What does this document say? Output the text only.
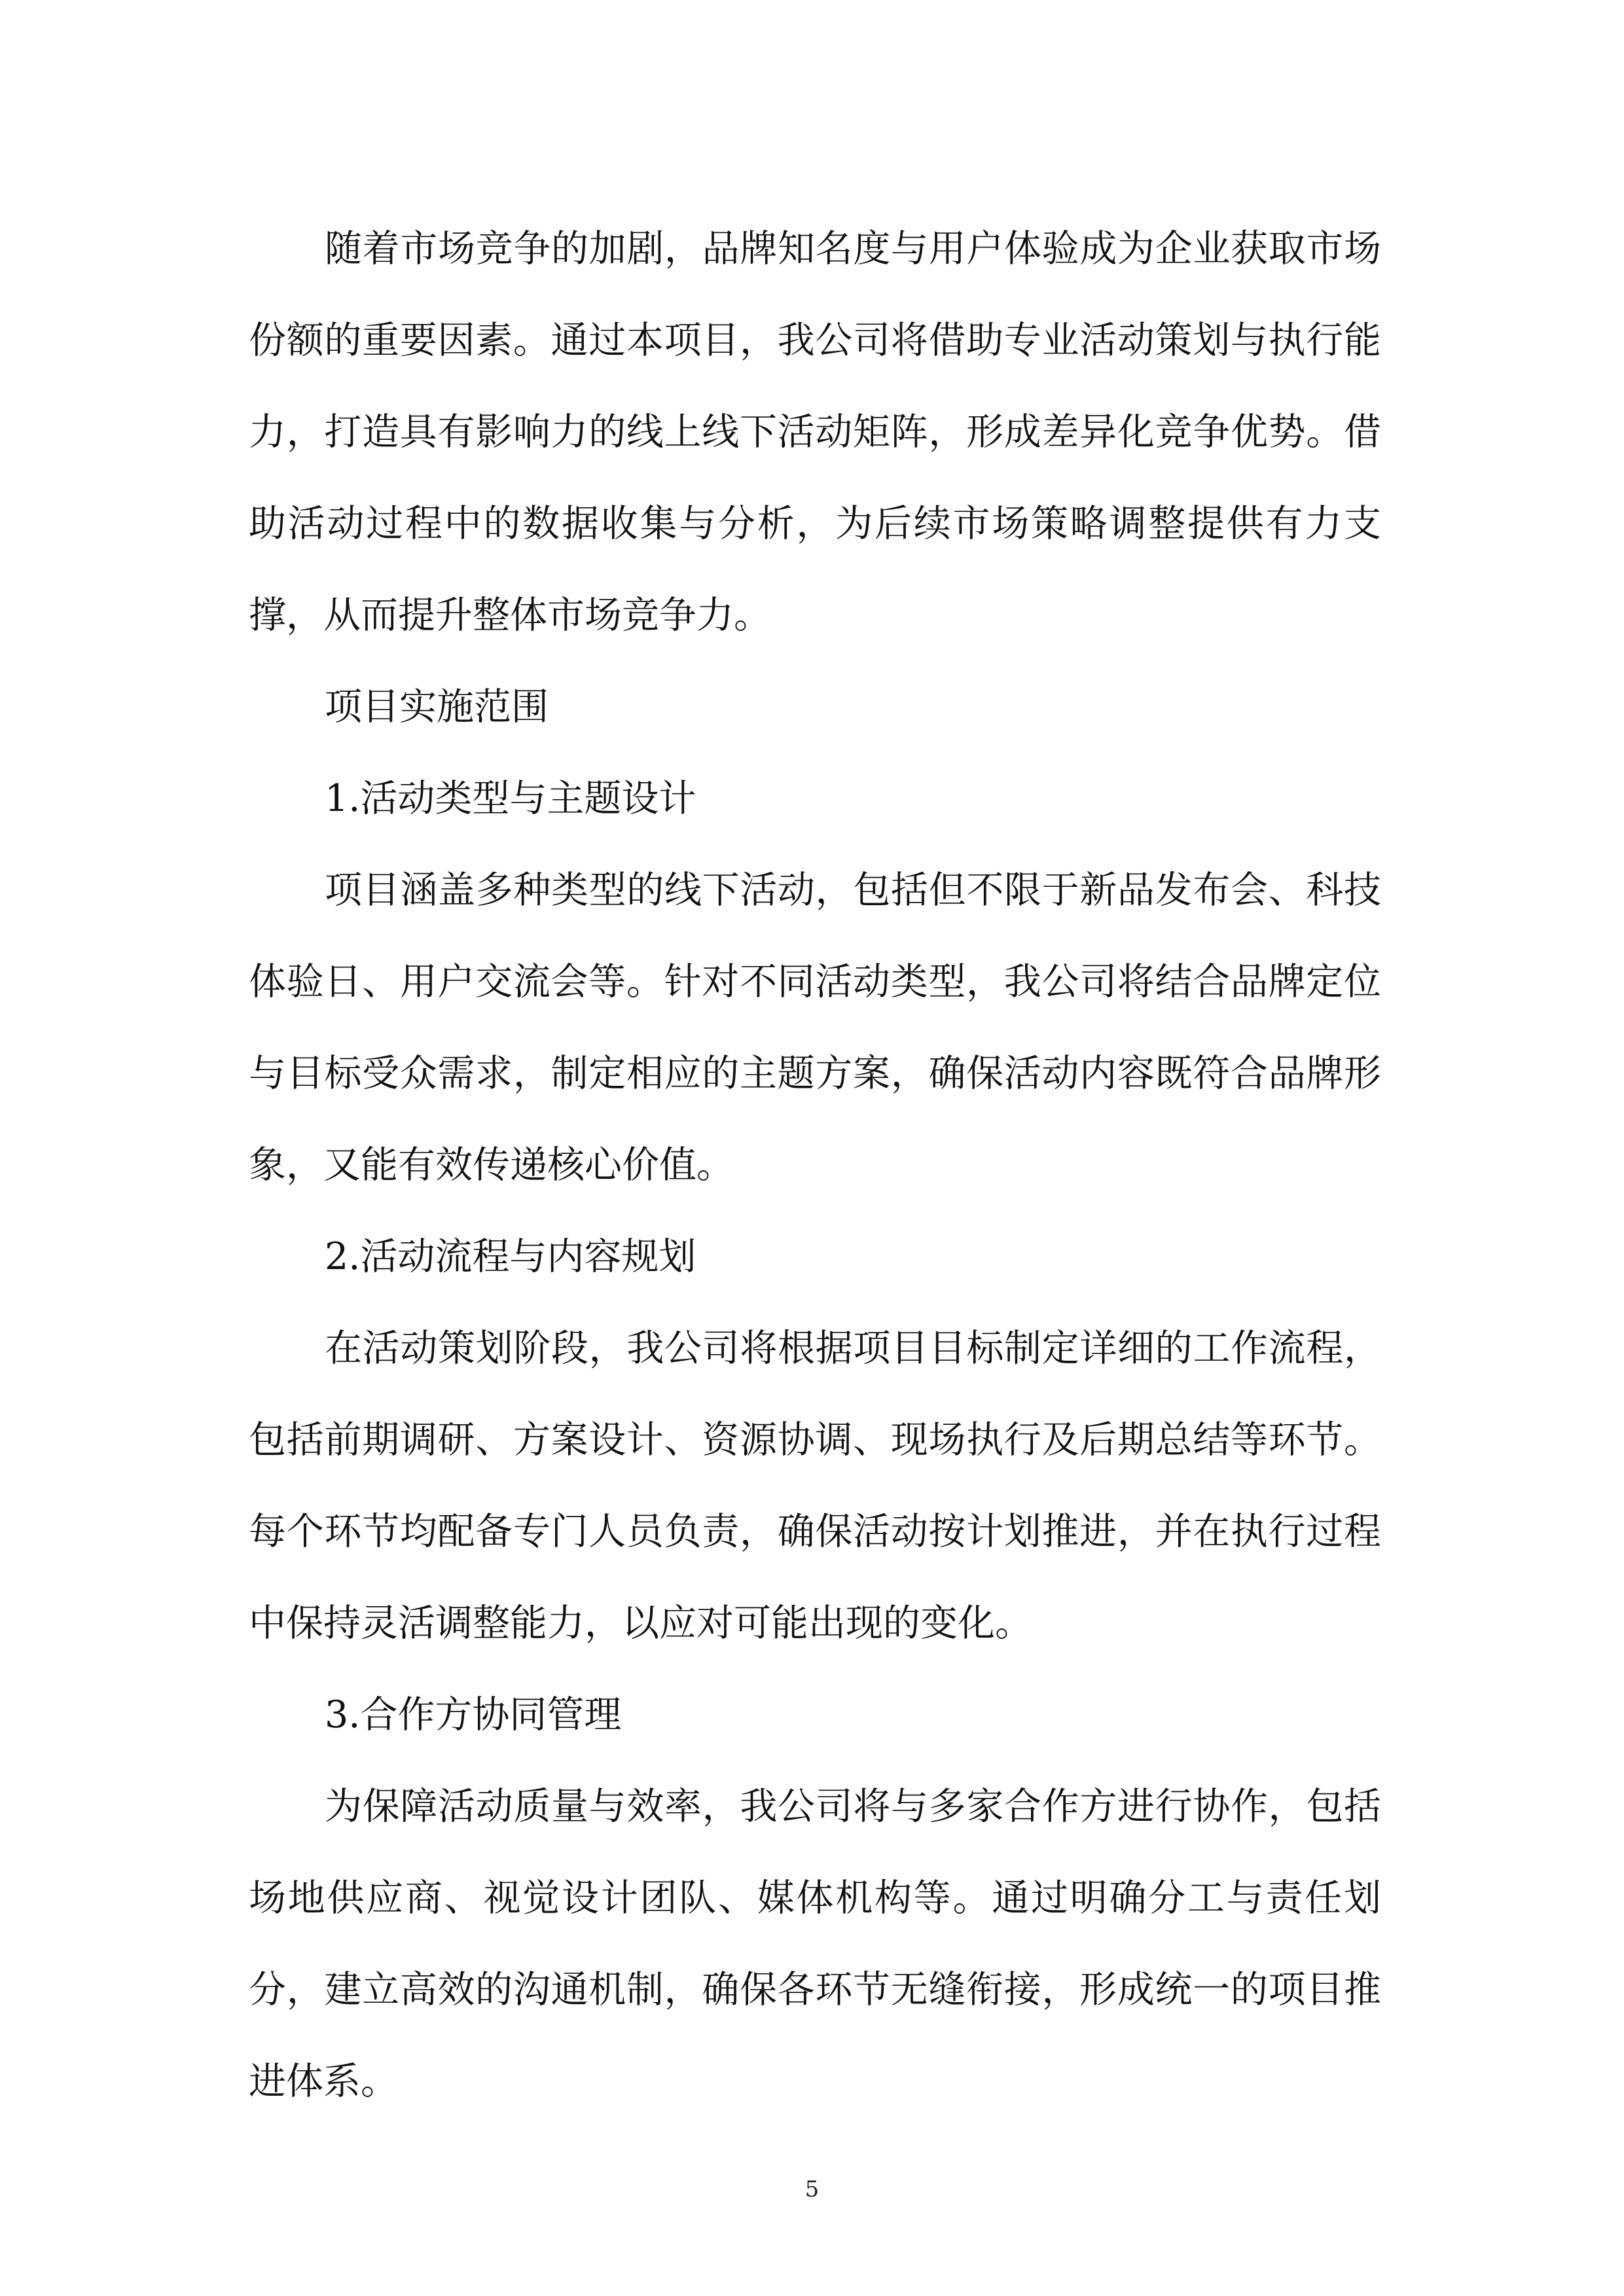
随着市场竞争的加剧，品牌知名度与用户体验成为企业获取市场份额的重要因素。通过本项目，我公司将借助专业活动策划与执行能力，打造具有影响力的线上线下活动矩阵，形成差异化竞争优势。借助活动过程中的数据收集与分析，为后续市场策略调整提供有力支撑，从而提升整体市场竞争力。

项目实施范围

1.活动类型与主题设计

项目涵盖多种类型的线下活动，包括但不限于新品发布会、科技体验日、用户交流会等。针对不同活动类型，我公司将结合品牌定位与目标受众需求，制定相应的主题方案，确保活动内容既符合品牌形象，又能有效传递核心价值。

2.活动流程与内容规划

在活动策划阶段，我公司将根据项目目标制定详细的工作流程，包括前期调研、方案设计、资源协调、现场执行及后期总结等环节。每个环节均配备专门人员负责，确保活动按计划推进，并在执行过程中保持灵活调整能力，以应对可能出现的变化。

3.合作方协同管理

为保障活动质量与效率，我公司将与多家合作方进行协作，包括场地供应商、视觉设计团队、媒体机构等。通过明确分工与责任划分，建立高效的沟通机制，确保各环节无缝衔接，形成统一的项目推进体系。

5
